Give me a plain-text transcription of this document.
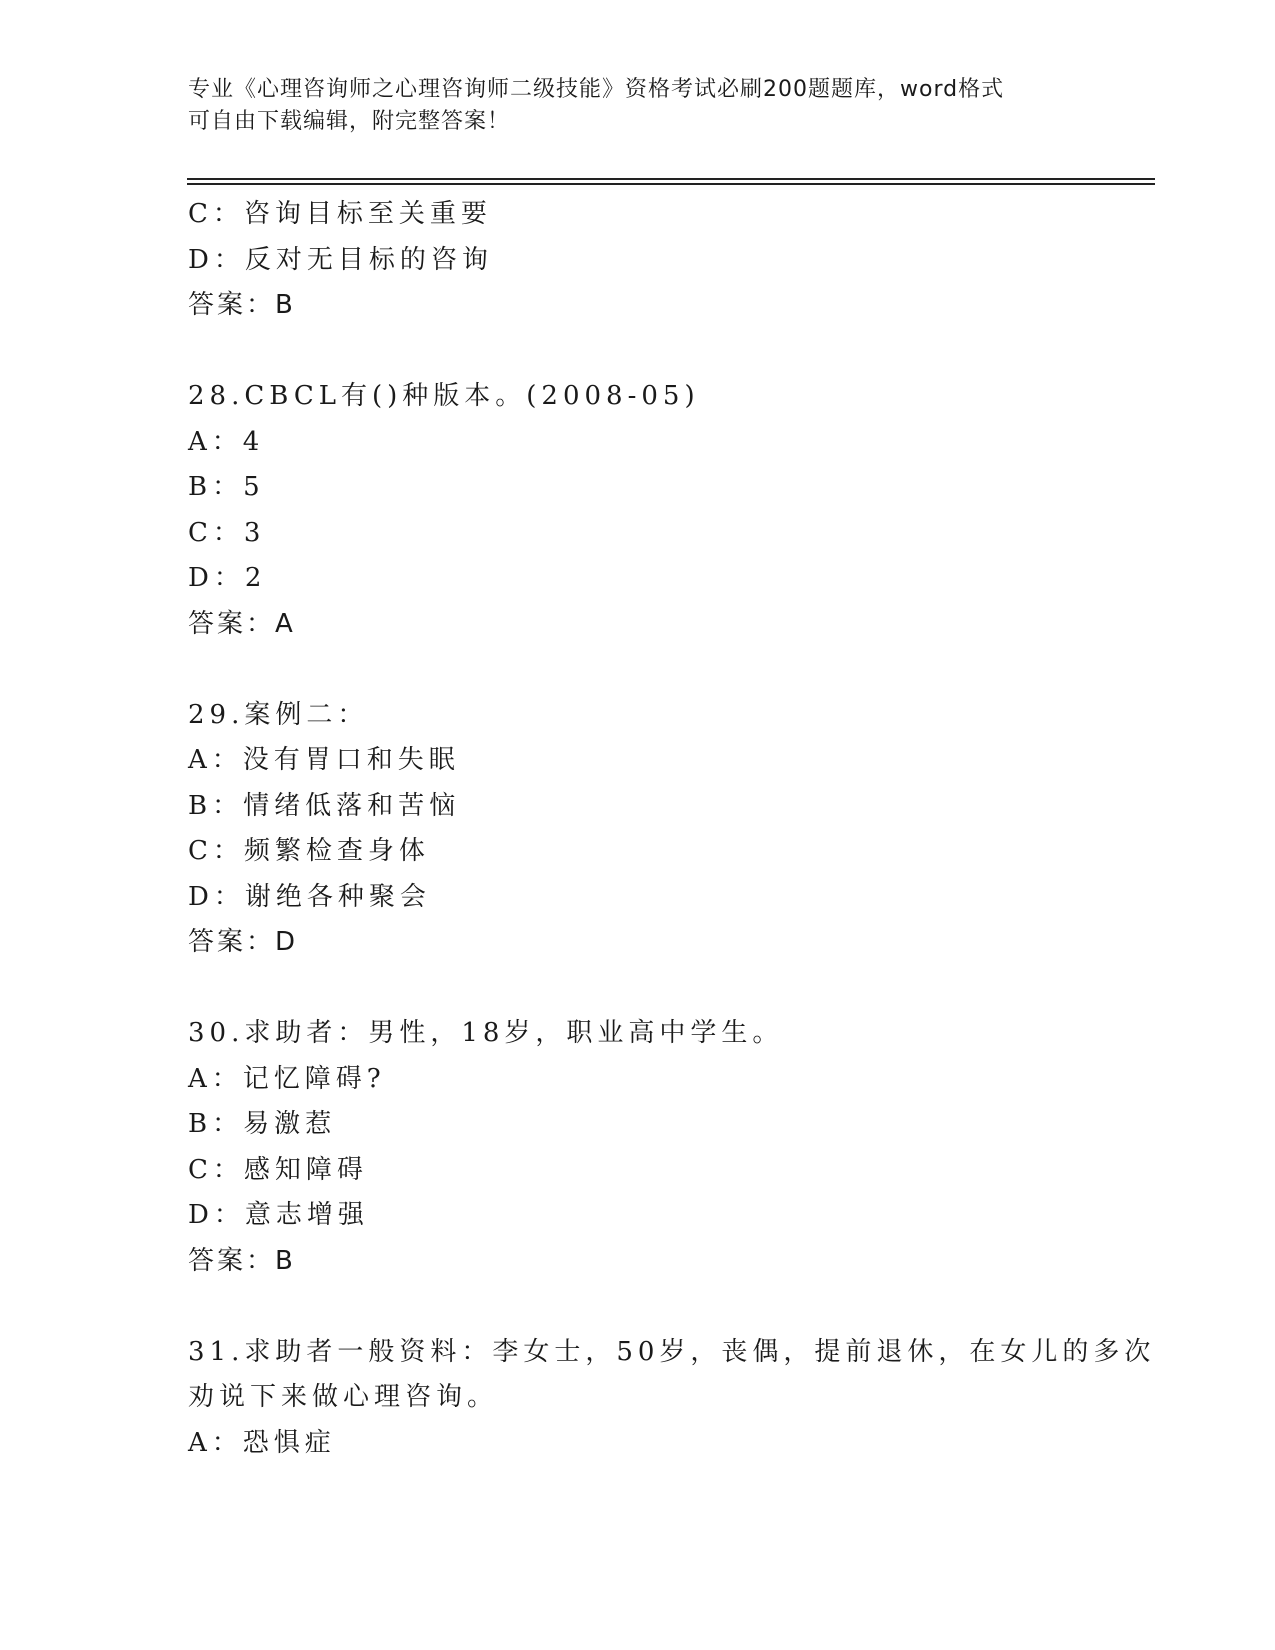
专业《心理咨询师之心理咨询师二级技能》资格考试必刷200题题库，word格式
可自由下载编辑，附完整答案！
C：咨询目标至关重要
D：反对无目标的咨询
答案：B
28.CBCL有()种版本。(2008-05)
A：4
B：5
C：3
D：2
答案：A
29.案例二：
A：没有胃口和失眠
B：情绪低落和苦恼
C：频繁检查身体
D：谢绝各种聚会
答案：D
30.求助者：男性，18岁，职业高中学生。
A：记忆障碍?
B：易激惹
C：感知障碍
D：意志增强
答案：B
31.求助者一般资料：李女士，50岁，丧偶，提前退休，在女儿的多次
劝说下来做心理咨询。
A：恐惧症
